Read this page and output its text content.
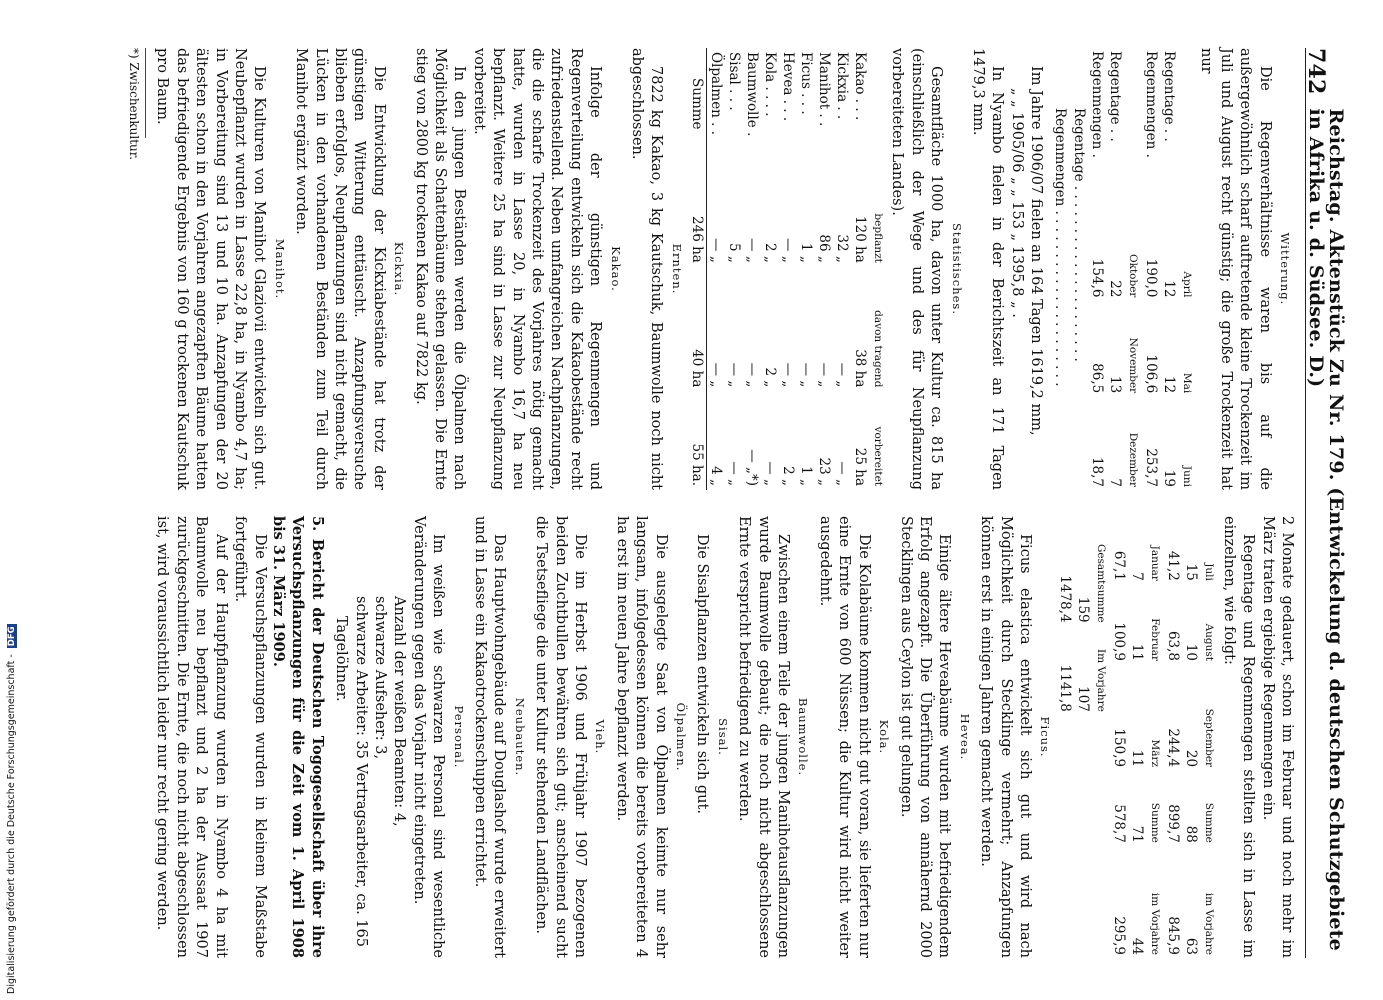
742
Reichstag. Aktenstück Zu Nr. 179. (Entwickelung d. deutschen Schutzgebiete in Afrika u. d. Südsee. D.)
Witterung.

Die Regenverhältnisse waren bis auf die außergewöhnlich scharf auftretende kleine Trockenzeit im Juli und August recht günstig; die große Trockenzeit hat nur

	April	Mai	Juni
Regentage . .	12	12	19
Regenmengen .	190,0	106,6	253,7
	Oktober	November	Dezember
Regentage . .	22	13	7
Regenmengen .	154,6	86,5	18,7
Regentage . . . . . . . . . . . . . . . . . . . . .
Regenmengen . . . . . . . . . . . . . . . . . . . . .

Im Jahre 1906/07 fielen an 164 Tagen 1619,2 mm,

„ „ 1905/06 „ „ 153 „ 1395,8 „ .

In Nyambo fielen in der Berichtszeit an 171 Tagen 1479,3 mm.

Statistisches.

Gesamtfläche 1000 ha, davon unter Kultur ca. 815 ha (einschließlich der Wege und des für Neupflanzung vorbereiteten Landes).

	bepflanzt	davon tragend	vorbereitet
Kakao . . .	120 ha	38 ha	25 ha
Kickxia . .	32 „	— „	— „
Manihot . .	86 „	— „	23 „
Ficus . . .	1 „	— „	1 „
Hevea . . .	— „	— „	2 „
Kola . . . .	2 „	2 „	— „
Baumwolle .	— „	— „	— „*)
Sisal . . .	5 „	— „	— „
Ölpalmen . .	— „	— „	4 „
Summe	246 ha	40 ha	55 ha.
Ernten.

7822 kg Kakao, 3 kg Kautschuk, Baumwolle noch nicht abgeschlossen.

Kakao.

Infolge der günstigen Regenmengen und Regenverteilung entwickeln sich die Kakaobestände recht zufriedenstellend. Neben umfangreichen Nachpflanzungen, die die scharfe Trockenzeit des Vorjahres nötig gemacht hatte, wurden in Lasse 20, in Nyambo 16,7 ha neu bepflanzt. Weitere 25 ha sind in Lasse zur Neupflanzung vorbereitet.

In den jungen Beständen werden die Ölpalmen nach Möglichkeit als Schattenbäume stehen gelassen. Die Ernte stieg von 2800 kg trockenen Kakao auf 7822 kg.

Kickxia.

Die Entwicklung der Kickxiabestände hat trotz der günstigen Witterung enttäuscht. Anzapfungsversuche blieben erfolglos, Neupflanzungen sind nicht gemacht, die Lücken in den vorhandenen Beständen zum Teil durch Manihot ergänzt worden.

Manihot.

Die Kulturen von Manihot Glaziovii entwickeln sich gut. Neubepflanzt wurden in Lasse 22,8 ha, in Nyambo 4,7 ha; in Vorbereitung sind 13 und 10 ha. Anzapfungen der 20 ältesten schon in den Vorjahren angezapften Bäume hatten das befriedigende Ergebnis von 160 g trockenen Kautschuk pro Baum.

*) Zwischenkultur.

2 Monate gedauert, schon im Februar und noch mehr im März traten ergiebige Regenmengen ein.

Regentage und Regenmengen stellten sich in Lasse im einzelnen, wie folgt:

Juli	August	September	Summe	im Vorjahre
15	10	20	88	63
41,2	63,8	244,4	899,7	845,9
Januar	Februar	März	Summe	im Vorjahre
7	11	11	71	44
67,1	100,9	150,9	578,7	295,9
Gesamtsumme	Im Vorjahre
159	107
1478,4	1141,8
Ficus.

Ficus elastica entwickelt sich gut und wird nach Möglichkeit durch Stecklinge vermehrt; Anzapfungen können erst in einigen Jahren gemacht werden.

Hevea.

Einige ältere Heveabäume wurden mit befriedigendem Erfolg angezapft. Die Überführung von annähernd 2000 Stecklingen aus Ceylon ist gut gelungen.

Kola.

Die Kolabäume kommen nicht gut voran, sie lieferten nur eine Ernte von 600 Nüssen; die Kultur wird nicht weiter ausgedehnt.

Baumwolle.

Zwischen einem Teile der jungen Manihotausflanzungen wurde Baumwolle gebaut; die noch nicht abgeschlossene Ernte verspricht befriedigend zu werden.

Sisal.

Die Sisalpflanzen entwickeln sich gut.

Ölpalmen.

Die ausgelegte Saat von Ölpalmen keimte nur sehr langsam, infolgedessen können die bereits vorbereiteten 4 ha erst im neuen Jahre bepflanzt werden.

Vieh.

Die im Herbst 1906 und Frühjahr 1907 bezogenen beiden Zuchtbullen bewähren sich gut; anscheinend sucht die Tsetsefliege die unter Kultur stehenden Landflächen.

Neubauten.

Das Hauptwohngebäude auf Douglashof wurde erweitert und in Lasse ein Kakaotrockenschuppen errichtet.

Personal.

Im weißen wie schwarzen Personal sind wesentliche Veränderungen gegen das Vorjahr nicht eingetreten.

Anzahl der weißen Beamten: 4,
schwarze Aufseher: 3,
schwarze Arbeiter: 35 Vertragsarbeiter, ca. 165
Tagelöhner.

5. Bericht der Deutschen Togogesellschaft über ihre Versuchspflanzungen für die Zeit vom 1. April 1908 bis 31. März 1909.

Die Versuchspflanzungen wurden in kleinem Maßstabe fortgeführt.

Auf der Haupfpflanzung wurden in Nyambo 4 ha mit Baumwolle neu bepflanzt und 2 ha der Aussaat 1907 zurückgeschnitten. Die Ernte, die noch nicht abgeschlossen ist, wird voraussichtlich leider nur recht gering werden.

Digitalisierung gefördert durch die Deutsche Forschungsgemeinschaft - DFG
